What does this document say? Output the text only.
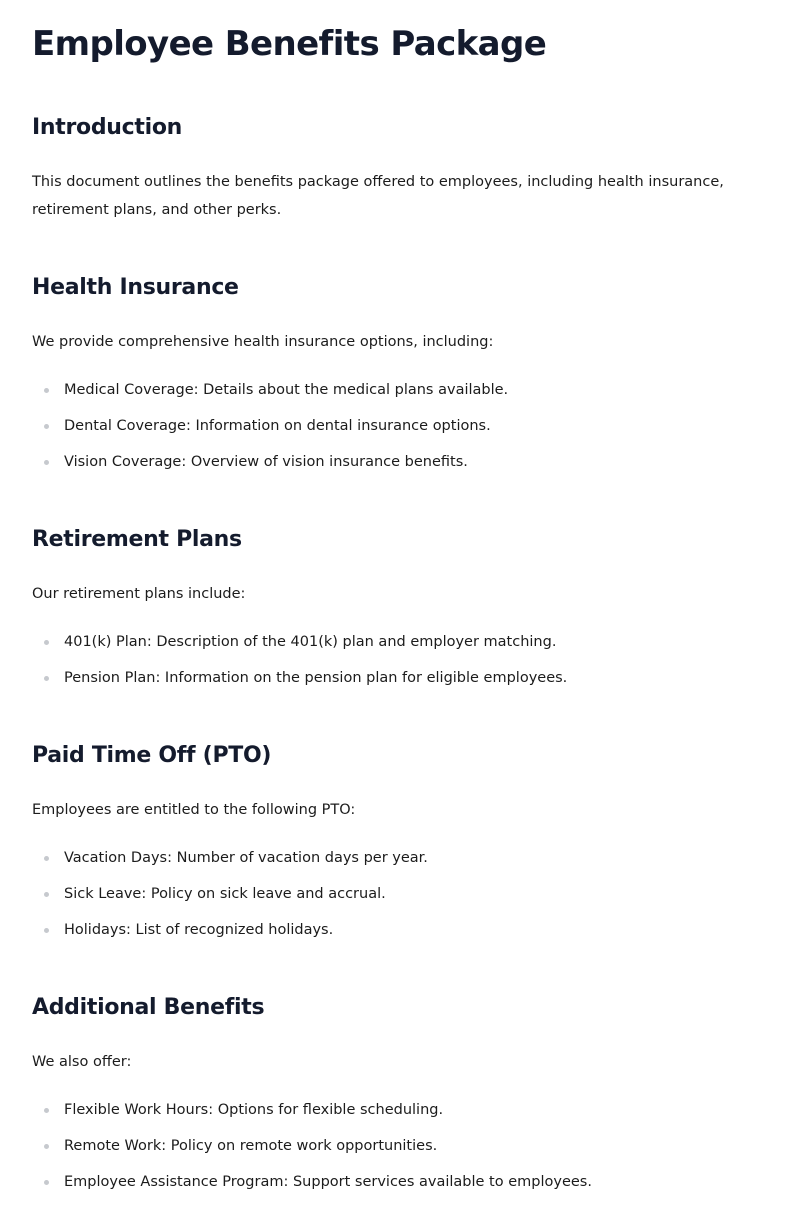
Employee Benefits Package
Introduction

This document outlines the benefits package offered to employees, including health insurance, retirement plans, and other perks.

Health Insurance

We provide comprehensive health insurance options, including:

Medical Coverage: Details about the medical plans available.
Dental Coverage: Information on dental insurance options.
Vision Coverage: Overview of vision insurance benefits.
Retirement Plans

Our retirement plans include:

401(k) Plan: Description of the 401(k) plan and employer matching.
Pension Plan: Information on the pension plan for eligible employees.
Paid Time Off (PTO)

Employees are entitled to the following PTO:

Vacation Days: Number of vacation days per year.
Sick Leave: Policy on sick leave and accrual.
Holidays: List of recognized holidays.
Additional Benefits

We also offer:

Flexible Work Hours: Options for flexible scheduling.
Remote Work: Policy on remote work opportunities.
Employee Assistance Program: Support services available to employees.
